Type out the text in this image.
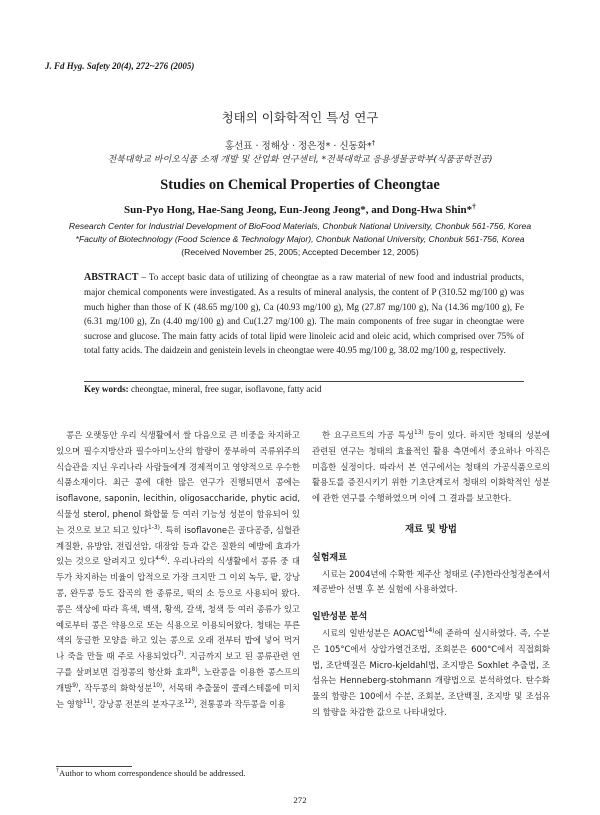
J. Fd Hyg. Safety 20(4), 272~276 (2005)
청태의 이화학적인 특성 연구
홍선표 · 정해상 · 정은정* · 신동화*†
전북대학교 바이오식품 소재 개발 및 산업화 연구센터, *전북대학교 응용생물공학부(식품공학전공)
Studies on Chemical Properties of Cheongtae
Sun-Pyo Hong, Hae-Sang Jeong, Eun-Jeong Jeong*, and Dong-Hwa Shin*†
Research Center for Industrial Development of BioFood Materials, Chonbuk National University, Chonbuk 561-756, Korea
*Faculty of Biotechnology (Food Science & Technology Major), Chonbuk National University, Chonbuk 561-756, Korea
(Received November 25, 2005; Accepted December 12, 2005)

ABSTRACT – To accept basic data of utilizing of cheongtae as a raw material of new food and industrial products, major chemical components were investigated. As a results of mineral analysis, the content of P (310.52 mg/100 g) was much higher than those of K (48.65 mg/100 g), Ca (40.93 mg/100 g), Mg (27.87 mg/100 g), Na (14.36 mg/100 g), Fe (6.31 mg/100 g), Zn (4.40 mg/100 g) and Cu(1.27 mg/100 g). The main components of free sugar in cheongtae were sucrose and glucose. The main fatty acids of total lipid were linoleic acid and oleic acid, which comprised over 75% of total fatty acids. The daidzein and genistein levels in cheongtae were 40.95 mg/100 g, 38.02 mg/100 g, respectively.

Key words: cheongtae, mineral, free sugar, isoflavone, fatty acid

콩은 오랫동안 우리 식생활에서 쌀 다음으로 큰 비중을 차지하고 있으며 필수지방산과 필수아미노산의 함량이 풍부하여 곡류위주의 식습관을 지닌 우리나라 사람들에게 경제적이고 영양적으로 우수한 식품소재이다. 최근 콩에 대한 많은 연구가 진행되면서 콩에는 isoflavone, saponin, lecithin, oligosaccharide, phytic acid, 식물성 sterol, phenol 화합물 등 여러 기능성 성분이 함유되어 있는 것으로 보고 되고 있다$^{1-3)}$. 특히 isoflavone은 골다공증, 심혈관계질환, 유방암, 전립선암, 대장암 등과 같은 질환의 예방에 효과가 있는 것으로 알려지고 있다$^{4-6)}$. 우리나라의 식생활에서 콩류 중 대두가 차지하는 비율이 압적으로 가장 크지만 그 이외 녹두, 팥, 강낭콩, 완두콩 등도 잡곡의 한 종류로, 떡의 소 등으로 사용되어 왔다. 콩은 색상에 따라 흑색, 백색, 황색, 갈색, 청색 등 여러 종류가 있고 예로부터 콩은 약용으로 또는 식용으로 이용되어왔다. 청태는 푸른색의 둥글한 모양을 하고 있는 콩으로 오래 전부터 밥에 넣어 먹거나 죽을 만들 때 주로 사용되었다$^{7)}$. 지금까지 보고 된 콩류관련 연구를 살펴보면 검정콩의 항산화 효과$^{8)}$, 노란콩을 이용한 콩스프의 개발$^{9)}$, 작두콩의 화학성분$^{10)}$, 서목태 추출물이 콜레스테롤에 미치는 영향$^{11)}$, 강낭콩 전분의 분자구조$^{12)}$, 전통콩과 작두콩을 이용

한 요구르트의 가공 특성$^{13)}$ 등이 있다. 하지만 청태의 성분에 관련된 연구는 청태의 효율적인 활용 측면에서 중요하나 아직은 미흡한 실정이다. 따라서 본 연구에서는 청태의 가공식품으로의 활용도를 증진시키기 위한 기초단계로서 청태의 이화학적인 성분에 관한 연구를 수행하였으며 이에 그 결과를 보고한다.

재료 및 방법

실험재료

시료는 2004년에 수확한 제주산 청태로 (주)한라산청정촌에서 제공받아 선별 후 본 실험에 사용하였다.

일반성분 분석

시료의 일반성분은 AOAC법$^{14)}$에 준하여 실시하였다. 즉, 수분은 105°C에서 상압가열건조법, 조회분은 600°C에서 직접회화법, 조단백질은 Micro-kjeldahl법, 조지방은 Soxhlet 추출법, 조섬유는 Henneberg-stohmann 개량법으로 분석하였다. 탄수화물의 함량은 100에서 수분, 조회분, 조단백질, 조지방 및 조섬유의 함량을 차감한 값으로 나타내었다.

†Author to whom correspondence should be addressed.
272
